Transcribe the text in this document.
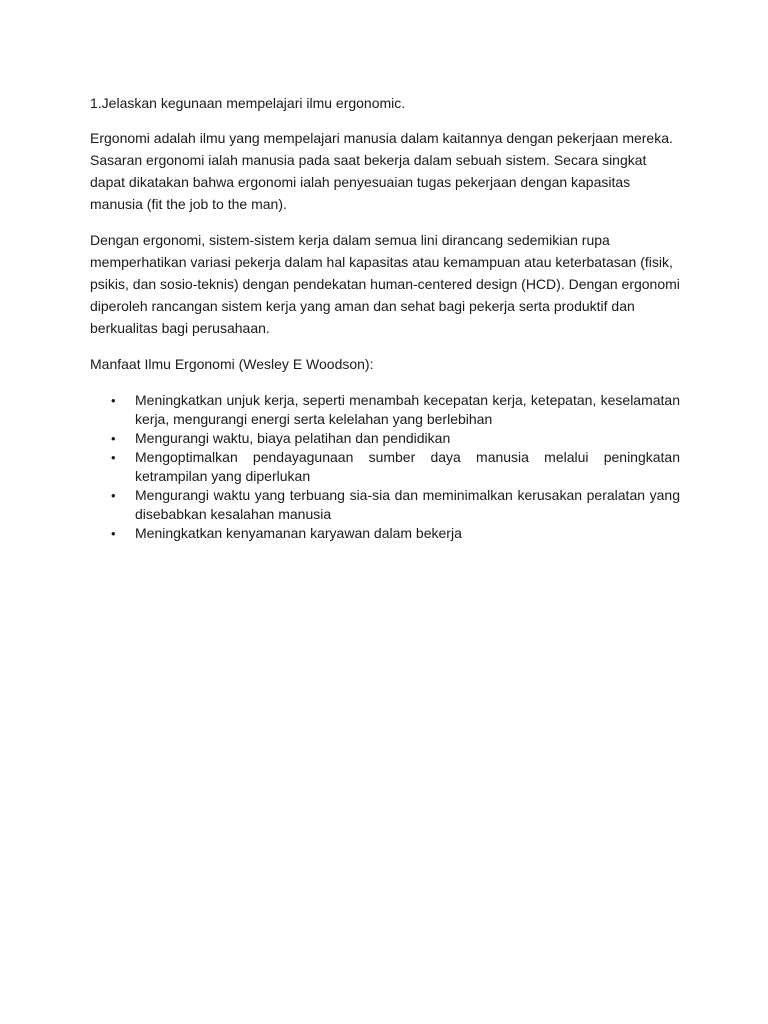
1.Jelaskan kegunaan mempelajari ilmu ergonomic.

Ergonomi adalah ilmu yang mempelajari manusia dalam kaitannya dengan pekerjaan mereka. Sasaran ergonomi ialah manusia pada saat bekerja dalam sebuah sistem. Secara singkat dapat dikatakan bahwa ergonomi ialah penyesuaian tugas pekerjaan dengan kapasitas manusia (fit the job to the man).

Dengan ergonomi, sistem-sistem kerja dalam semua lini dirancang sedemikian rupa memperhatikan variasi pekerja dalam hal kapasitas atau kemampuan atau keterbatasan (fisik, psikis, dan sosio-teknis) dengan pendekatan human-centered design (HCD). Dengan ergonomi diperoleh rancangan sistem kerja yang aman dan sehat bagi pekerja serta produktif dan berkualitas bagi perusahaan.

Manfaat Ilmu Ergonomi (Wesley E Woodson):

• Meningkatkan unjuk kerja, seperti menambah kecepatan kerja, ketepatan, keselamatan kerja, mengurangi energi serta kelelahan yang berlebihan
• Mengurangi waktu, biaya pelatihan dan pendidikan
• Mengoptimalkan pendayagunaan sumber daya manusia melalui peningkatan ketrampilan yang diperlukan
• Mengurangi waktu yang terbuang sia-sia dan meminimalkan kerusakan peralatan yang disebabkan kesalahan manusia
• Meningkatkan kenyamanan karyawan dalam bekerja
